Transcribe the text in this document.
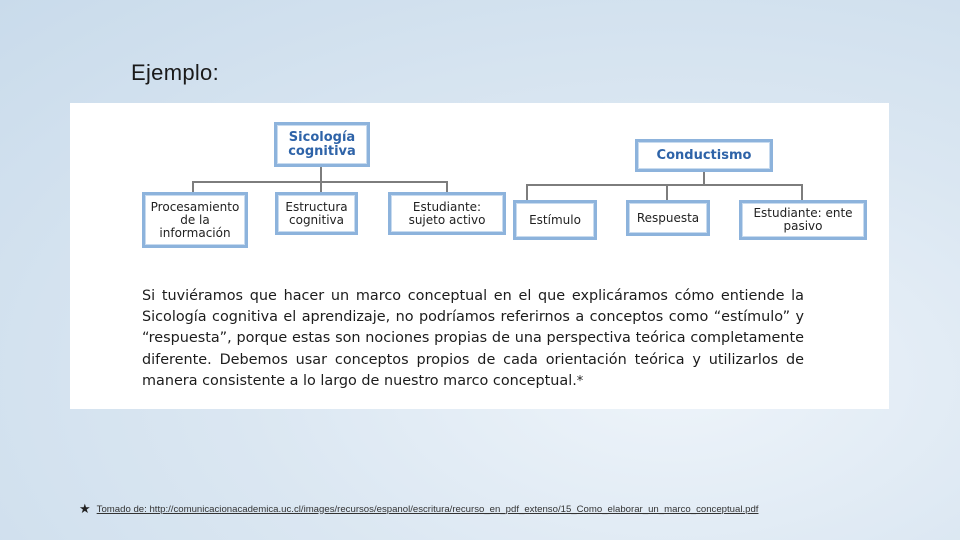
Ejemplo:
Sicología cognitiva
Procesamiento de la información
Estructura cognitiva
Estudiante: sujeto activo
Conductismo
Estímulo	Respuesta	Estudiante: ente pasivo

Si tuviéramos que hacer un marco conceptual en el que explicáramos cómo entiende la Sicología cognitiva el aprendizaje, no podríamos referirnos a conceptos como “estímulo” y “respuesta”, porque estas son nociones propias de una perspectiva teórica completamente diferente. Debemos usar conceptos propios de cada orientación teórica y utilizarlos de manera consistente a lo largo de nuestro marco conceptual.*

★ Tomado de: http://comunicacionacademica.uc.cl/images/recursos/espanol/escritura/recurso_en_pdf_extenso/15_Como_elaborar_un_marco_conceptual.pdf
